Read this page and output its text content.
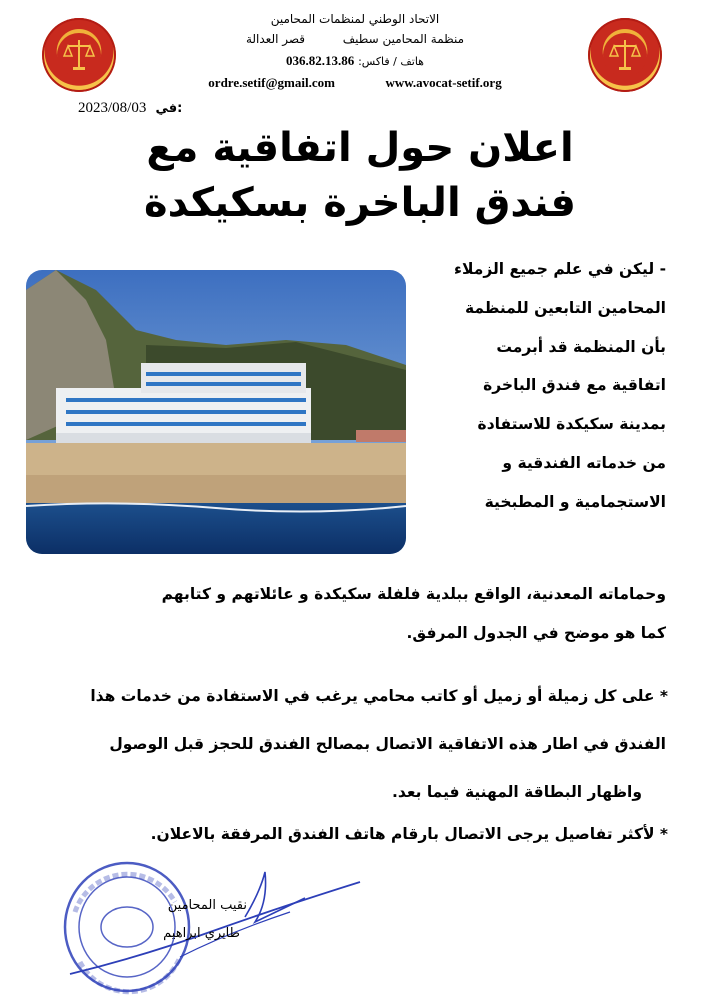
الاتحاد الوطني لمنظمات المحامين
منظمة المحامين سطيف  قصر العدالة
هاتف / فاكس: 036.82.13.86
ordre.setif@gmail.com	www.avocat-setif.org
2023/08/03 في:
اعلان حول اتفاقية مع
فندق الباخرة بسكيكدة
- ليكن في علم جميع الزملاء
المحامين التابعين للمنظمة
بأن المنظمة قد أبرمت
اتفاقية مع فندق الباخرة
بمدينة سكيكدة للاستفادة
من خدماته الفندقية و
الاستجمامية و المطبخية
وحماماته المعدنية، الواقع ببلدية فلفلة سكيكدة و عائلاتهم و كتابهم
كما هو موضح في الجدول المرفق.
* على كل زميلة أو زميل أو كاتب محامي يرغب في الاستفادة من خدمات هذا
الفندق في اطار هذه الاتفاقية الاتصال بمصالح الفندق للحجز قبل الوصول
واظهار البطاقة المهنية فيما بعد.
* لأكثر تفاصيل يرجى الاتصال بارقام هاتف الفندق المرفقة بالاعلان.
نقيب المحامين
طايري ابراهيم
